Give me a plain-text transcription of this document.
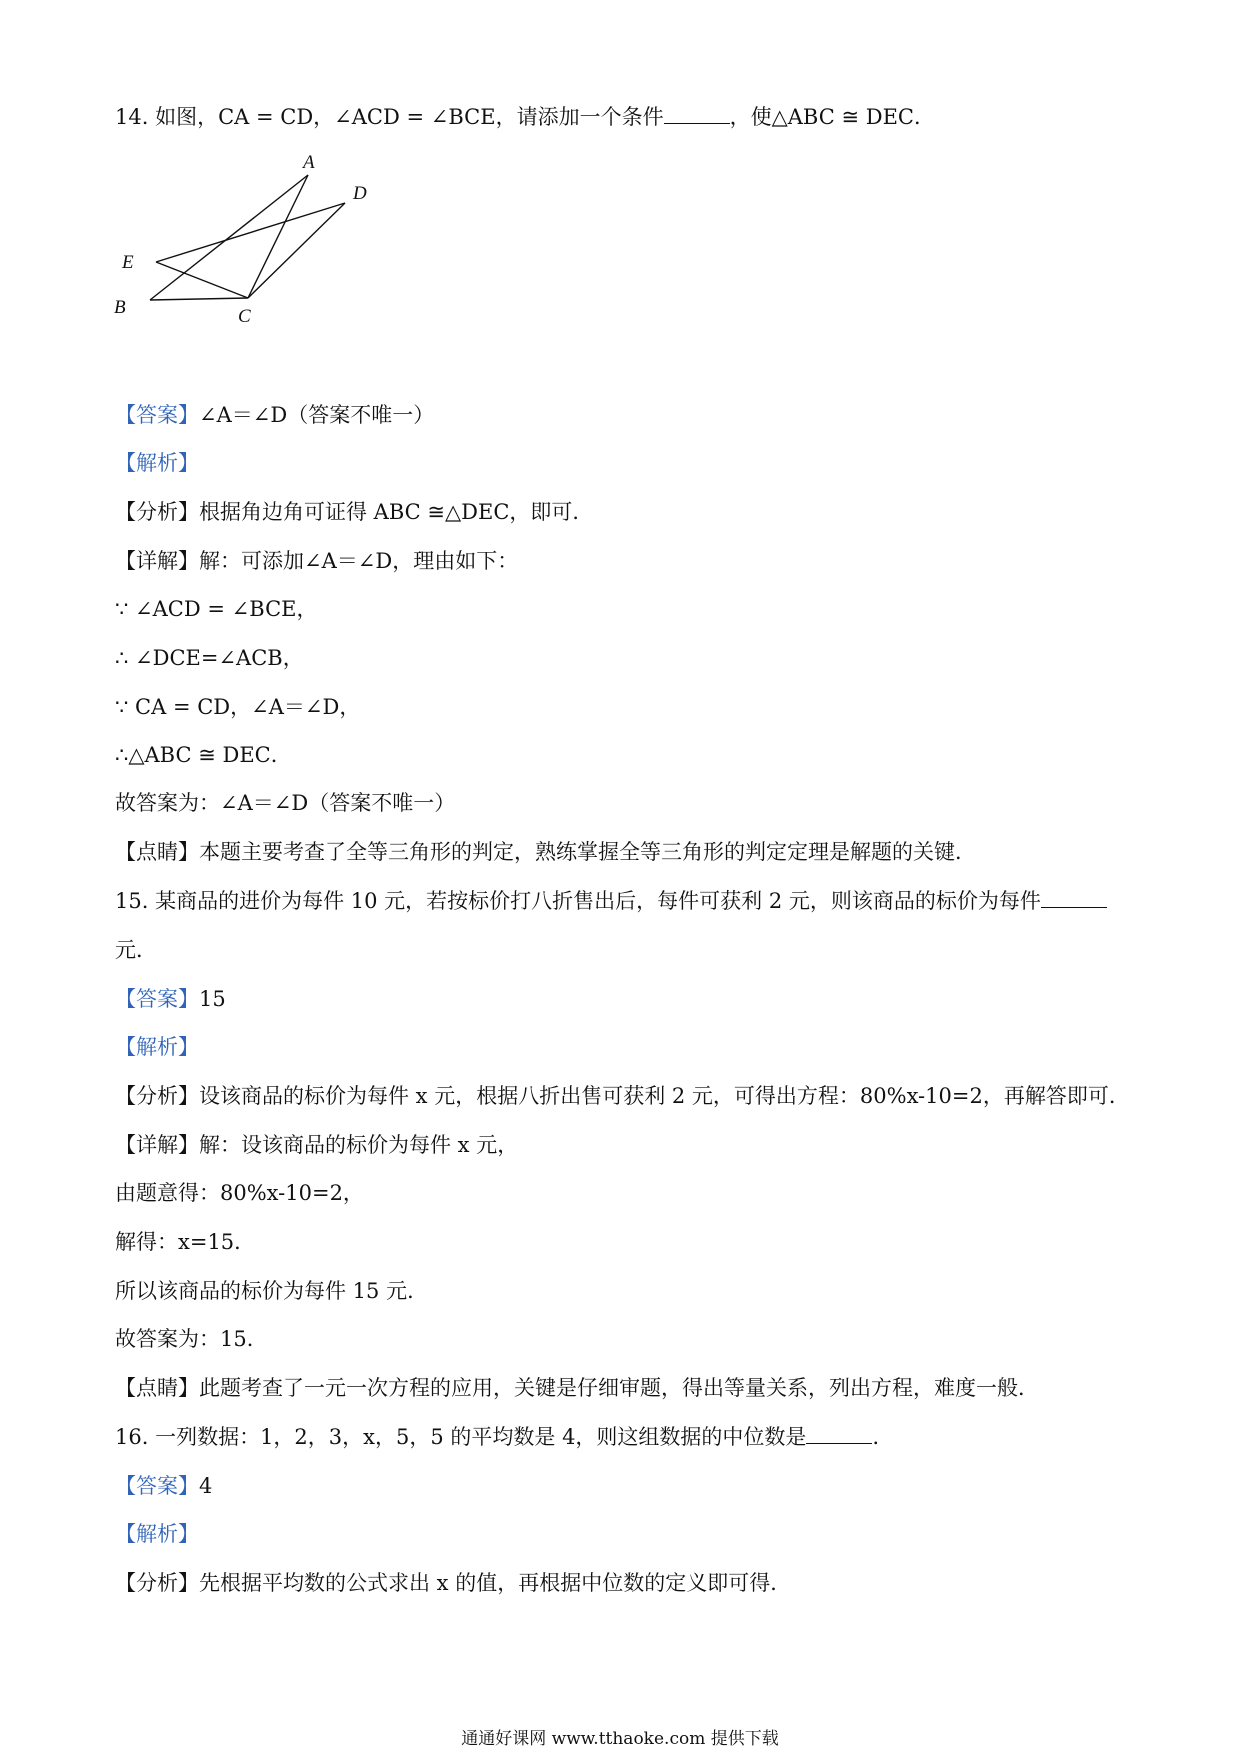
14. 如图，CA = CD，∠ACD = ∠BCE，请添加一个条件	，使△ABC ≅ DEC．
A
D
E
B	C
【答案】∠A＝∠D（答案不唯一）
【解析】
【分析】根据角边角可证得 ABC ≅△DEC，即可．
【详解】解：可添加∠A＝∠D，理由如下：
∵ ∠ACD = ∠BCE，
∴ ∠DCE=∠ACB，
∵ CA = CD，∠A＝∠D，
∴△ABC ≅ DEC．
故答案为：∠A＝∠D（答案不唯一）
【点睛】本题主要考查了全等三角形的判定，熟练掌握全等三角形的判定定理是解题的关键．
15. 某商品的进价为每件 10 元，若按标价打八折售出后，每件可获利 2 元，则该商品的标价为每件
元．
【答案】15
【解析】
【分析】设该商品的标价为每件 x 元，根据八折出售可获利 2 元，可得出方程：80%x-10=2，再解答即可．
【详解】解：设该商品的标价为每件 x 元，
由题意得：80%x-10=2，
解得：x=15．
所以该商品的标价为每件 15 元．
故答案为：15．
【点睛】此题考查了一元一次方程的应用，关键是仔细审题，得出等量关系，列出方程，难度一般．
16. 一列数据：1，2，3，x，5，5 的平均数是 4，则这组数据的中位数是	．
【答案】4
【解析】
【分析】先根据平均数的公式求出 x 的值，再根据中位数的定义即可得．
通通好课网 www.tthaoke.com 提供下载
